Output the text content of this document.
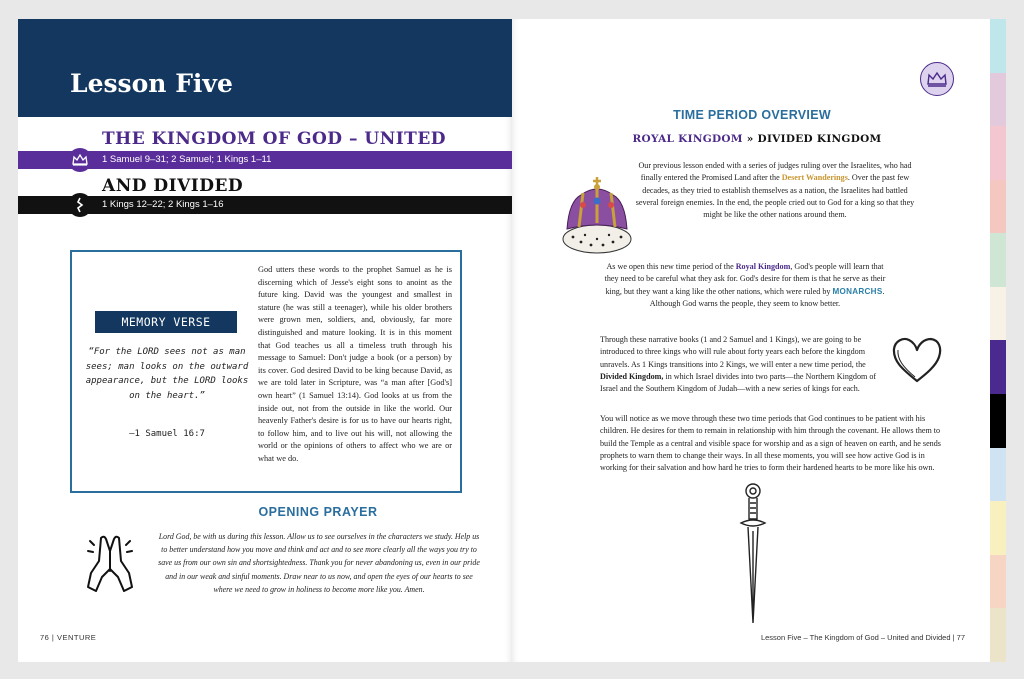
Lesson Five
THE KINGDOM OF GOD – UNITED
1 Samuel 9–31; 2 Samuel; 1 Kings 1–11
AND DIVIDED
1 Kings 12–22; 2 Kings 1–16
MEMORY VERSE
“For the LORD sees not as man sees; man looks on the outward appearance, but the LORD looks on the heart.”
—1 Samuel 16:7
God utters these words to the prophet Samuel as he is discerning which of Jesse's eight sons to anoint as the future king. David was the youngest and smallest in stature (he was still a teenager), while his older brothers were grown men, soldiers, and, obviously, far more distinguished and mature looking. It is in this moment that God teaches us all a timeless truth through his message to Samuel: Don't judge a book (or a person) by its cover. God desired David to be king because David, as we are told later in Scripture, was “a man after [God's] own heart” (1 Samuel 13:14). God looks at us from the inside out, not from the outside in like the world. Our heavenly Father's desire is for us to have our hearts right, to follow him, and to live out his will, not allowing the world or the opinions of others to affect who we are or what we do.
OPENING PRAYER
Lord God, be with us during this lesson. Allow us to see ourselves in the characters we study. Help us to better understand how you move and think and act and to see more clearly all the ways you try to save us from our own sin and shortsightedness. Thank you for never abandoning us, even in our pride and in our weak and sinful moments. Draw near to us now, and open the eyes of our hearts to see where we need to grow in holiness to become more like you. Amen.
76 | VENTURE
TIME PERIOD OVERVIEW
ROYAL KINGDOM » DIVIDED KINGDOM
Our previous lesson ended with a series of judges ruling over the Israelites, who had finally entered the Promised Land after the Desert Wanderings. Over the past few decades, as they tried to establish themselves as a nation, the Israelites had battled several foreign enemies. In the end, the people cried out to God for a king so that they might be like the other nations around them.
As we open this new time period of the Royal Kingdom, God's people will learn that they need to be careful what they ask for. God's desire for them is that he serve as their king, but they want a king like the other nations, which were ruled by MONARCHS. Although God warns the people, they seem to know better.
Through these narrative books (1 and 2 Samuel and 1 Kings), we are going to be introduced to three kings who will rule about forty years each before the kingdom unravels. As 1 Kings transitions into 2 Kings, we will enter a new time period, the Divided Kingdom, in which Israel divides into two parts—the Northern Kingdom of Israel and the Southern Kingdom of Judah—with a new series of kings for each.
You will notice as we move through these two time periods that God continues to be patient with his children. He desires for them to remain in relationship with him through the covenant. He allows them to build the Temple as a central and visible space for worship and as a sign of heaven on earth, and he sends prophets to warn them to change their ways. In all these moments, you will see how active God is in working for their salvation and how hard he tries to form their hardened hearts to be more like his own.
Lesson Five – The Kingdom of God – United and Divided | 77
